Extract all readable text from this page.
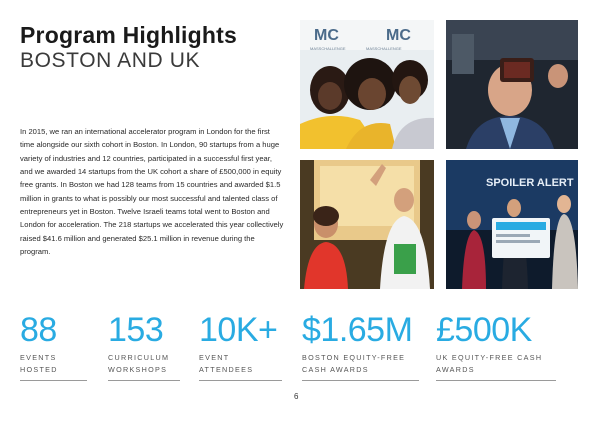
Program Highlights
BOSTON AND UK

In 2015, we ran an international accelerator program in London for the first time alongside our sixth cohort in Boston. In London, 90 startups from a huge variety of industries and 12 countries, participated in a successful first year, and we awarded 14 startups from the UK cohort a share of £500,000 in equity free grants. In Boston we had 128 teams from 15 countries and awarded $1.5 million in grants to what is possibly our most successful and talented class of entrepreneurs yet in Boston. Twelve Israeli teams total went to Boston and London for acceleration. The 218 startups we accelerated this year collectively raised $41.6 million and generated $25.1 million in revenue during the program.

MC	MC
MASSCHALLENGE	MASSCHALLENGE
SPOILER ALERT
88
EVENTS
HOSTED
153
CURRICULUM
WORKSHOPS
10K+
EVENT
ATTENDEES
$1.65M
BOSTON EQUITY-FREE
CASH AWARDS
£500K
UK EQUITY-FREE CASH
AWARDS
6
